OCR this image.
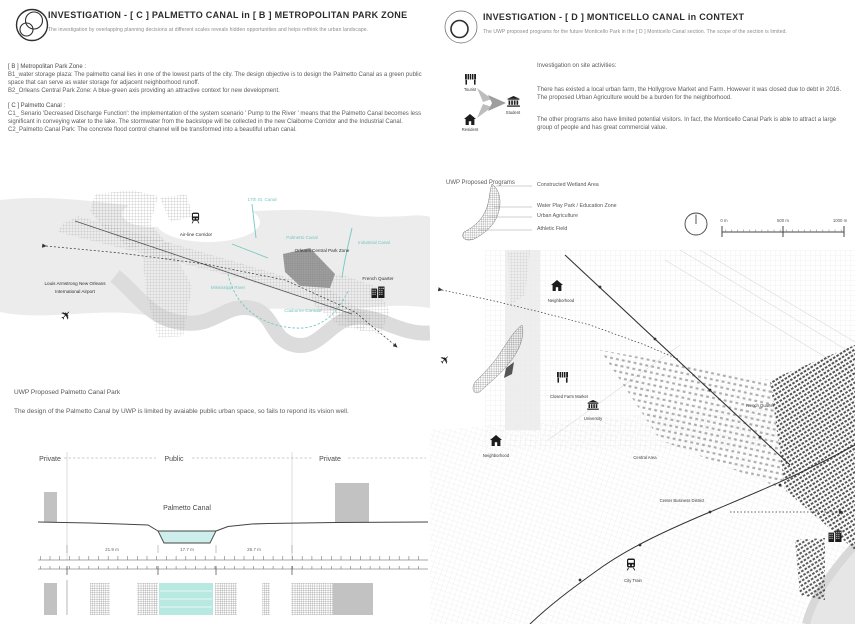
INVESTIGATION - [ C ] PALMETTO CANAL in [ B ] METROPOLITAN PARK ZONE
The investigation by overlapping planning decisions at different scales reveals hidden opportunities and helps rethink the urban landscape.
[ B ] Metropolitan Park Zone :
B1_water storage plaza: The palmetto canal lies in one of the lowest parts of the city. The design objective is to design the Palmetto Canal as a green public space that can serve as water storage for adjacent neighborhood runoff.
B2_Orleans Central Park Zone: A blue-green axis providing an attractive context for new development.
[ C ] Palmetto Canal :
C1_ Senario 'Decreased Discharge Function': the implementation of the system scenario ' Pump to the River ' means that the Palmetto Canal becomes less significant in conveying water to the lake. The stormwater from the backslope will be collected in the new Claiborne Corridor and the Industrial Canal.
C2_Palmetto Canal Park: The concrete flood control channel will be transformed into a beautiful urban canal.
✈
17th St. Canal
Air-line Corridor
Louis Armstrong New Orleans
International Airport
Palmetto Canal
Orleans Central Park Zone
Industrial Canal
Mississippi River
Claiborne Corridor
French Quarter
UWP Proposed Palmetto Canal Park
The design of the Palmetto Canal by UWP is limited by avaiable public urban space, so fails to repond its vision well.
Private	Public	Private
Palmetto Canal
21.9 m	17.7 m	26.7 m
INVESTIGATION - [ D ] MONTICELLO CANAL in CONTEXT
The UWP proposed programs for the future Monticello Park in the [ D ] Monticello Canal section. The scope of the section is limited.
Tourist
Resident
Student
Investigation on site activities:
There has existed a local urban farm, the Hollygrove Market and Farm. However it was closed due to debt in 2016. The proposed Urban Agriculture would be a burden for the neighborhood.
The other programs also have limited potential visitors. In fact, the Monticello Canal Park is able to attract a large group of people and has great commercial value.
UWP Proposed Programs	Constructed Wetland Area
Water Play Park / Education Zone
Urban Agriculture
Athletic Field
0 m	500 m	1000 m
✈
Neighborhood
Closed Farm Market
University
Neighborhood
French Quarter
Central Area
Center Business District
City Train
